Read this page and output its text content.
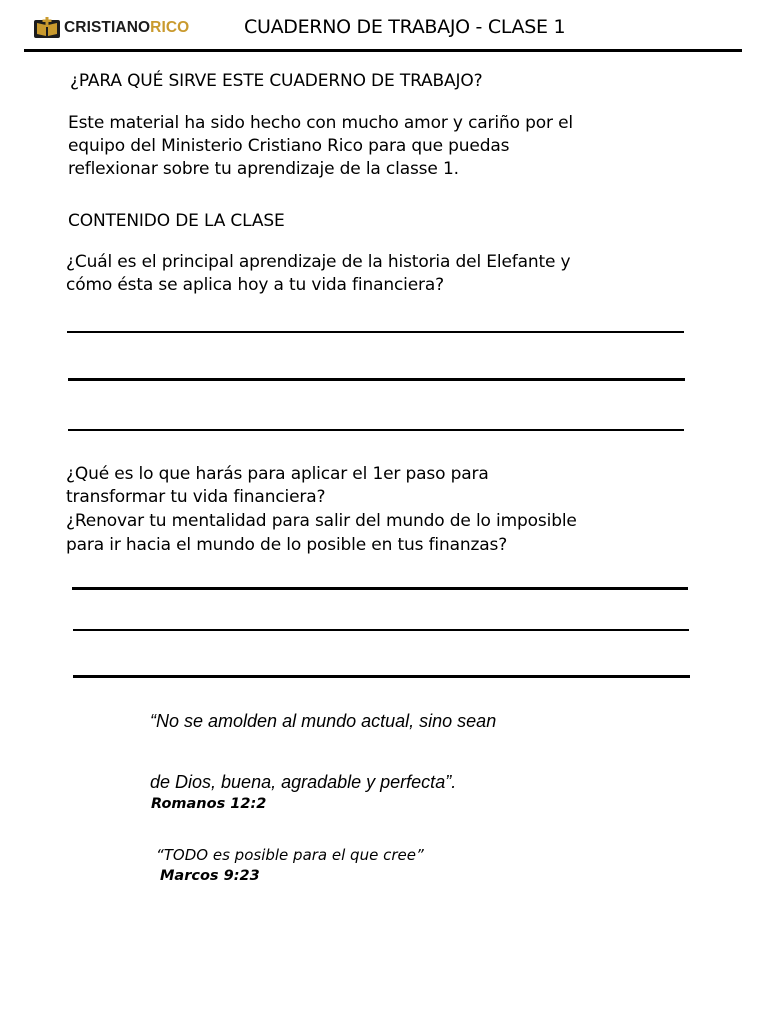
CRISTIANORICO	CUADERNO DE TRABAJO - CLASE 1
¿PARA QUÉ SIRVE ESTE CUADERNO DE TRABAJO?
Este material ha sido hecho con mucho amor y cariño por el
equipo del Ministerio Cristiano Rico para que puedas
reflexionar sobre tu aprendizaje de la classe 1.
CONTENIDO DE LA CLASE
¿Cuál es el principal aprendizaje de la historia del Elefante y
cómo ésta se aplica hoy a tu vida financiera?
¿Qué es lo que harás para aplicar el 1er paso para
transformar tu vida financiera?
¿Renovar tu mentalidad para salir del mundo de lo imposible
para ir hacia el mundo de lo posible en tus finanzas?
“No se amolden al mundo actual, sino sean
de Dios, buena, agradable y perfecta”.
Romanos 12:2
“TODO es posible para el que cree”
Marcos 9:23
